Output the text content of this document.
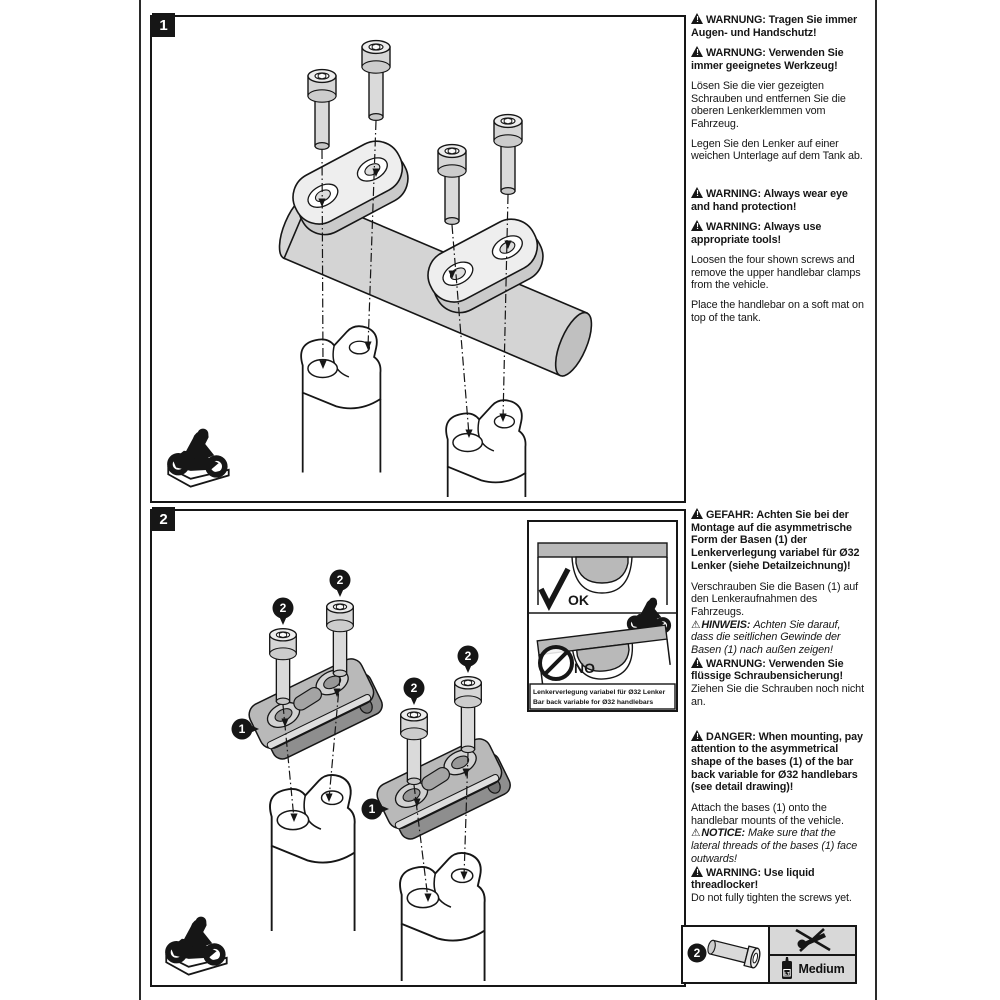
1
2
2
2
2
2
1
1
OK
NO
Lenkerverlegung variabel für Ø32 Lenker
Bar back variable for Ø32 handlebars

!WARNUNG: Tragen Sie immer Augen- und Handschutz!

!WARNUNG: Verwenden Sie immer geeignetes Werkzeug!

Lösen Sie die vier gezeigten Schrauben und entfernen Sie die oberen Lenkerklemmen vom Fahrzeug.

Legen Sie den Lenker auf einer weichen Unterlage auf dem Tank ab.

!WARNING: Always wear eye and hand protection!

!WARNING: Always use appropriate tools!

Loosen the four shown screws and remove the upper handlebar clamps from the vehicle.

Place the handlebar on a soft mat on top of the tank.

!GEFAHR: Achten Sie bei der Montage auf die asymmetrische Form der Basen (1) der Lenkerverlegung variabel für Ø32 Lenker (siehe Detailzeichnung)!

Verschrauben Sie die Basen (1) auf den Lenkeraufnahmen des Fahrzeugs.

⚠HINWEIS: Achten Sie darauf, dass die seitlichen Gewinde der Basen (1) nach außen zeigen!

!WARNUNG: Verwenden Sie flüssige Schraubensicherung!

Ziehen Sie die Schrauben noch nicht an.

!DANGER: When mounting, pay attention to the asymmetrical shape of the bases (1) of the bar back variable for Ø32 handlebars (see detail drawing)!

Attach the bases (1) onto the handlebar mounts of the vehicle.

⚠NOTICE: Make sure that the lateral threads of the bases (1) face outwards!

!WARNING: Use liquid threadlocker!

Do not fully tighten the screws yet.

2
LT Medium
